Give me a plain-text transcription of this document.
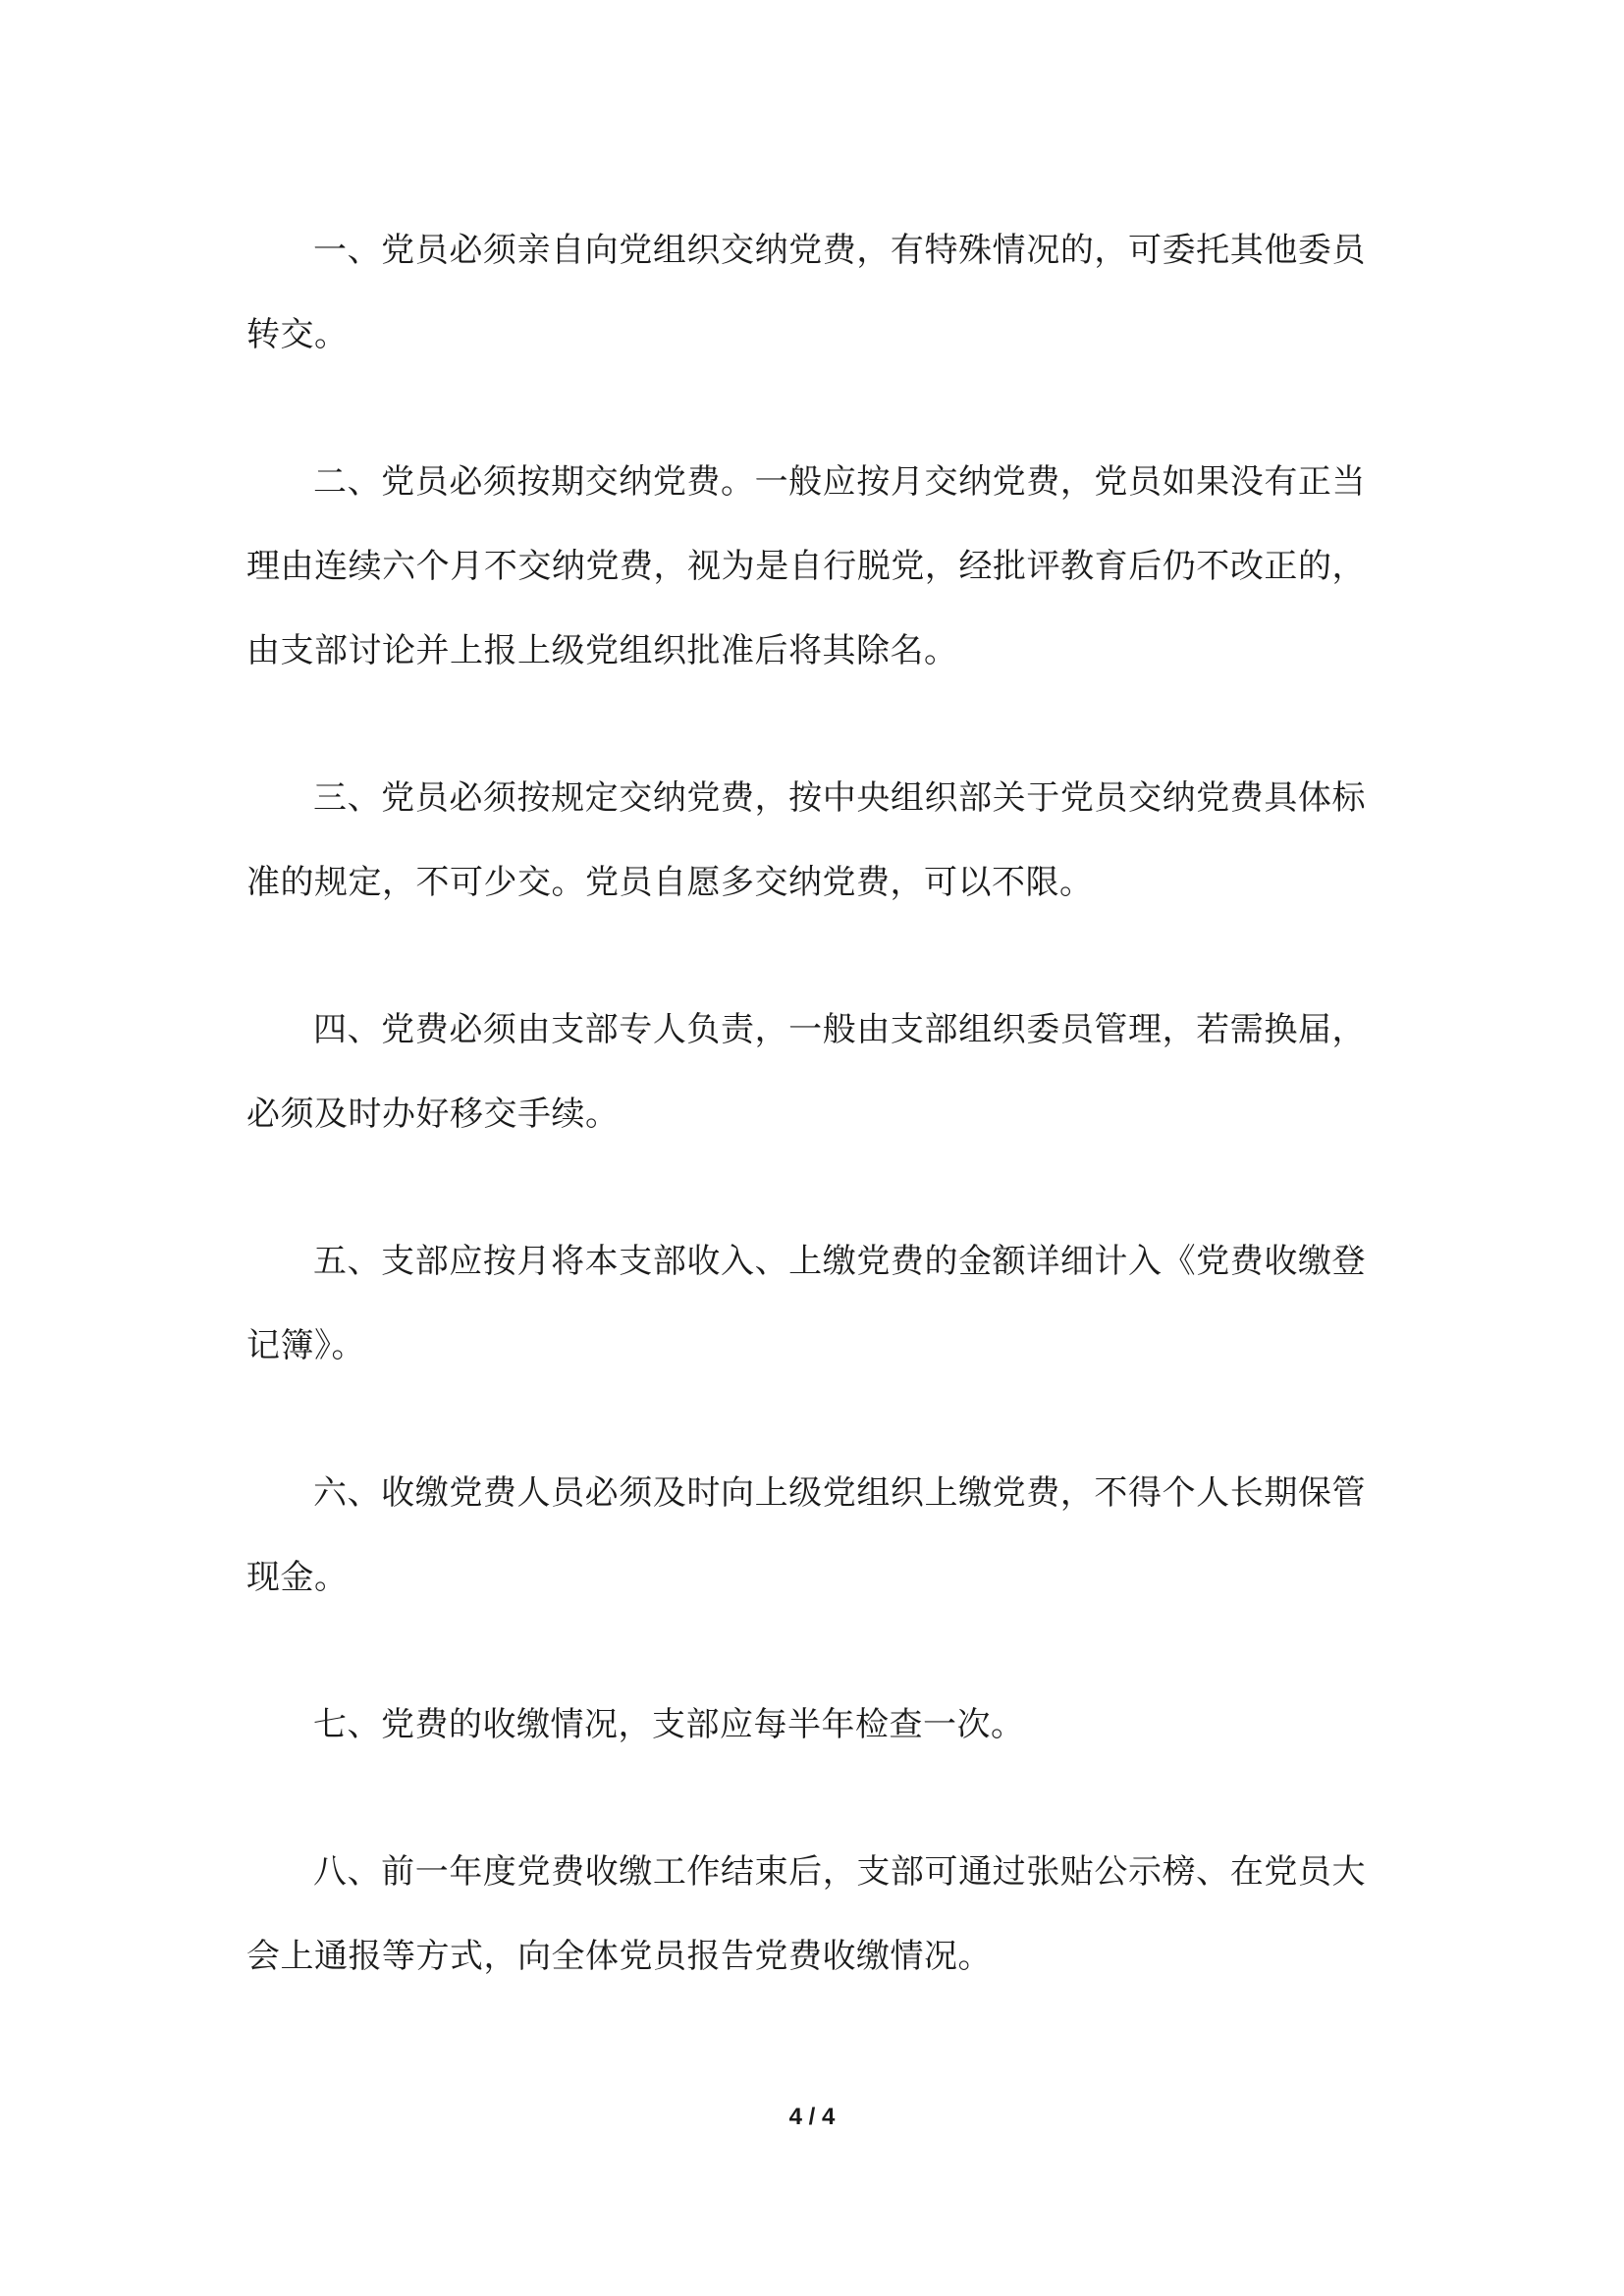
一、党员必须亲自向党组织交纳党费，有特殊情况的，可委托其他委员转交。

二、党员必须按期交纳党费。一般应按月交纳党费，党员如果没有正当理由连续六个月不交纳党费，视为是自行脱党，经批评教育后仍不改正的，由支部讨论并上报上级党组织批准后将其除名。

三、党员必须按规定交纳党费，按中央组织部关于党员交纳党费具体标准的规定，不可少交。党员自愿多交纳党费，可以不限。

四、党费必须由支部专人负责，一般由支部组织委员管理，若需换届，必须及时办好移交手续。

五、支部应按月将本支部收入、上缴党费的金额详细计入《党费收缴登记簿》。

六、收缴党费人员必须及时向上级党组织上缴党费，不得个人长期保管现金。

七、党费的收缴情况，支部应每半年检查一次。

八、前一年度党费收缴工作结束后，支部可通过张贴公示榜、在党员大会上通报等方式，向全体党员报告党费收缴情况。

4 / 4
